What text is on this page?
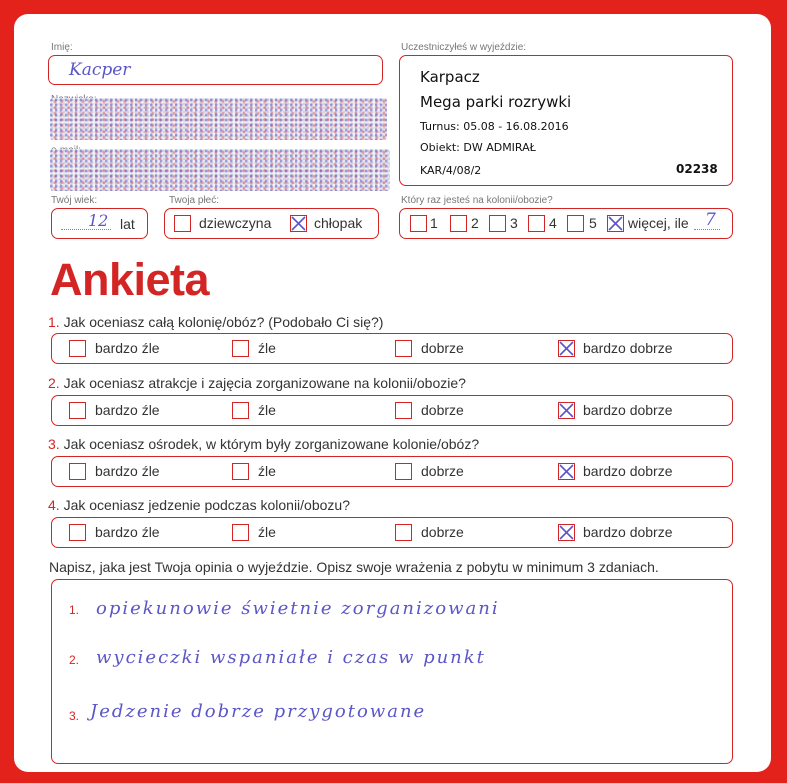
Imię:
Kacper
Uczestniczyłeś w wyjeździe:
Karpacz
Mega parki rozrywki
Turnus: 05.08 - 16.08.2016
Obiekt: DW ADMIRAŁ
KAR/4/08/2	02238
Twój wiek:
12 lat
Twoja płeć:
dziewczyna	chłopak
Który raz jesteś na kolonii/obozie?
1 2 3 4 5 więcej, ile 7
Ankieta
1. Jak oceniasz całą kolonię/obóz? (Podobało Ci się?)
bardzo źle	źle	dobrze	bardzo dobrze
2. Jak oceniasz atrakcje i zajęcia zorganizowane na kolonii/obozie?
bardzo źle	źle	dobrze	bardzo dobrze
3. Jak oceniasz ośrodek, w którym były zorganizowane kolonie/obóz?
bardzo źle	źle	dobrze	bardzo dobrze
4. Jak oceniasz jedzenie podczas kolonii/obozu?
bardzo źle	źle	dobrze	bardzo dobrze
Napisz, jaka jest Twoja opinia o wyjeździe. Opisz swoje wrażenia z pobytu w minimum 3 zdaniach.
1. opiekunowie świetnie zorganizowani
2. wycieczki wspaniałe i czas w punkt
3. Jedzenie dobrze przygotowane
